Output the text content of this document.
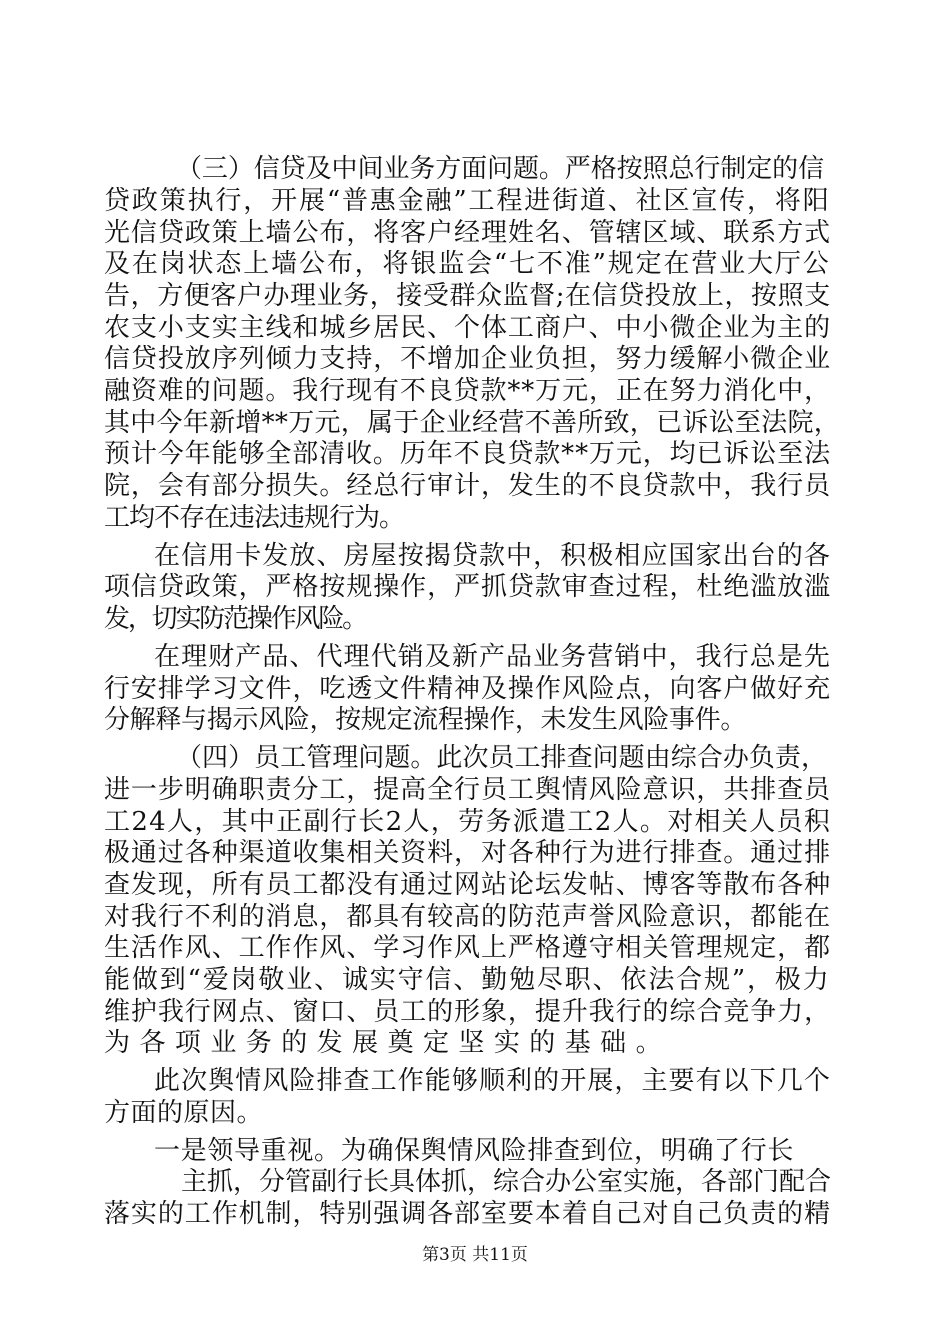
（三）信贷及中间业务方面问题。严格按照总行制定的信
贷政策执行，开展“普惠金融”工程进街道、社区宣传，将阳
光信贷政策上墙公布，将客户经理姓名、管辖区域、联系方式
及在岗状态上墙公布，将银监会“七不准”规定在营业大厅公
告，方便客户办理业务，接受群众监督;在信贷投放上，按照支
农支小支实主线和城乡居民、个体工商户、中小微企业为主的
信贷投放序列倾力支持，不增加企业负担，努力缓解小微企业
融资难的问题。我行现有不良贷款**万元，正在努力消化中，
其中今年新增**万元，属于企业经营不善所致，已诉讼至法院，
预计今年能够全部清收。历年不良贷款**万元，均已诉讼至法
院，会有部分损失。经总行审计，发生的不良贷款中，我行员
工均不存在违法违规行为。
在信用卡发放、房屋按揭贷款中，积极相应国家出台的各
项信贷政策，严格按规操作，严抓贷款审查过程，杜绝滥放滥
发，切实防范操作风险。
在理财产品、代理代销及新产品业务营销中，我行总是先
行安排学习文件，吃透文件精神及操作风险点，向客户做好充
分解释与揭示风险，按规定流程操作，未发生风险事件。
（四）员工管理问题。此次员工排查问题由综合办负责，
进一步明确职责分工，提高全行员工舆情风险意识，共排查员
工24人，其中正副行长2人，劳务派遣工2人。对相关人员积
极通过各种渠道收集相关资料，对各种行为进行排查。通过排
查发现，所有员工都没有通过网站论坛发帖、博客等散布各种
对我行不利的消息，都具有较高的防范声誉风险意识，都能在
生活作风、工作作风、学习作风上严格遵守相关管理规定，都
能做到“爱岗敬业、诚实守信、勤勉尽职、依法合规”，极力
维护我行网点、窗口、员工的形象，提升我行的综合竞争力，
为各项业务的发展奠定坚实的基础。
此次舆情风险排查工作能够顺利的开展，主要有以下几个
方面的原因。
一是领导重视。为确保舆情风险排查到位，明确了行长
主抓，分管副行长具体抓，综合办公室实施，各部门配合
落实的工作机制，特别强调各部室要本着自己对自己负责的精
第3页 共11页
